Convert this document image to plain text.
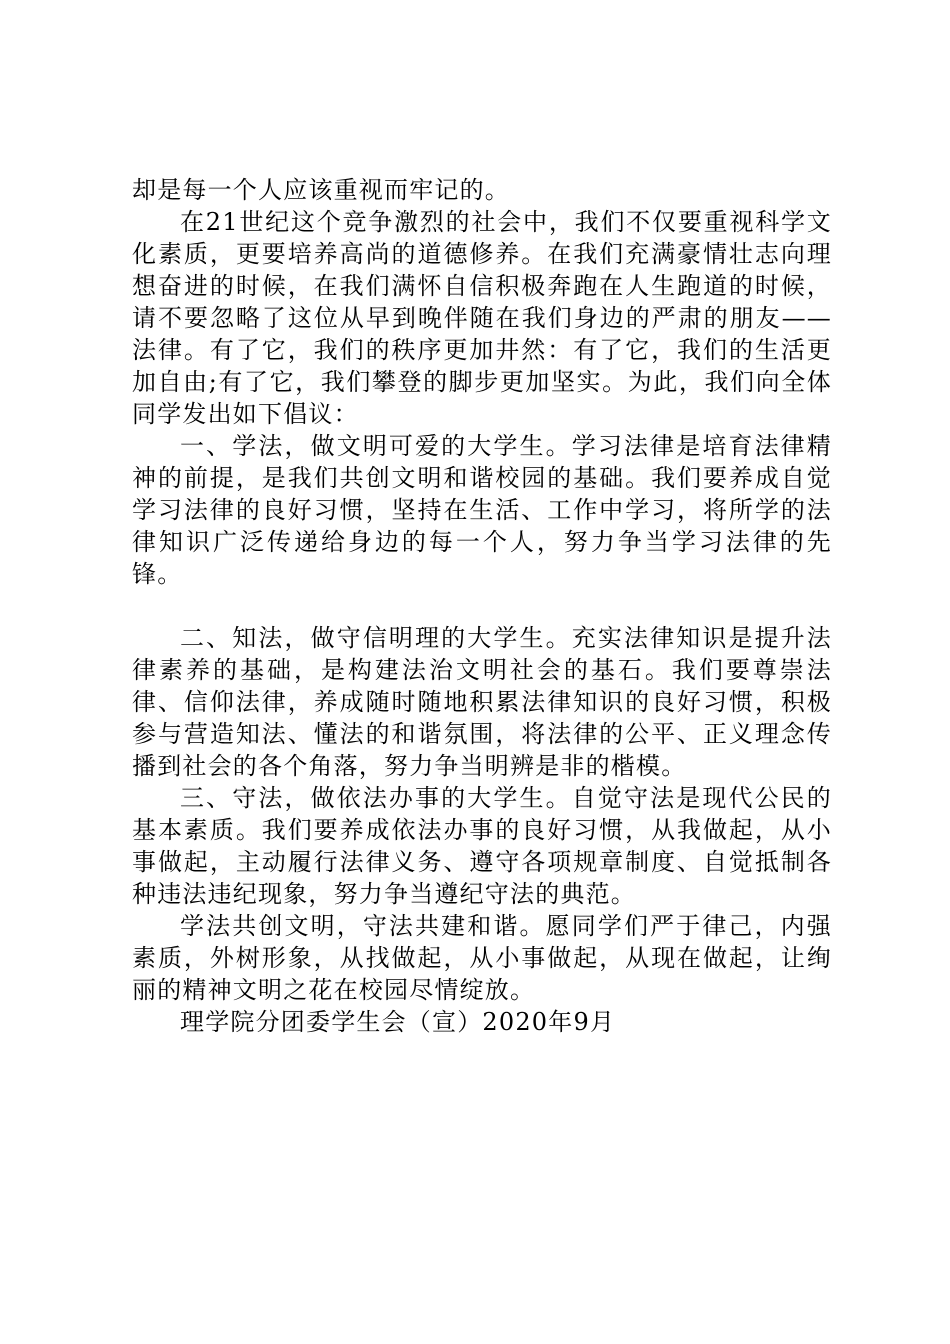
却是每一个人应该重视而牢记的。

在21世纪这个竞争激烈的社会中，我们不仅要重视科学文化素质，更要培养高尚的道德修养。在我们充满豪情壮志向理想奋进的时候，在我们满怀自信积极奔跑在人生跑道的时候，请不要忽略了这位从早到晚伴随在我们身边的严肃的朋友——法律。有了它，我们的秩序更加井然：有了它，我们的生活更加自由;有了它，我们攀登的脚步更加坚实。为此，我们向全体同学发出如下倡议：

一、学法，做文明可爱的大学生。学习法律是培育法律精神的前提，是我们共创文明和谐校园的基础。我们要养成自觉学习法律的良好习惯，坚持在生活、工作中学习，将所学的法律知识广泛传递给身边的每一个人，努力争当学习法律的先锋。

二、知法，做守信明理的大学生。充实法律知识是提升法律素养的基础，是构建法治文明社会的基石。我们要尊崇法律、信仰法律，养成随时随地积累法律知识的良好习惯，积极参与营造知法、懂法的和谐氛围，将法律的公平、正义理念传播到社会的各个角落，努力争当明辨是非的楷模。

三、守法，做依法办事的大学生。自觉守法是现代公民的基本素质。我们要养成依法办事的良好习惯，从我做起，从小事做起，主动履行法律义务、遵守各项规章制度、自觉抵制各种违法违纪现象，努力争当遵纪守法的典范。

学法共创文明，守法共建和谐。愿同学们严于律己，内强素质，外树形象，从找做起，从小事做起，从现在做起，让绚丽的精神文明之花在校园尽情绽放。

理学院分团委学生会（宣）2020年9月
